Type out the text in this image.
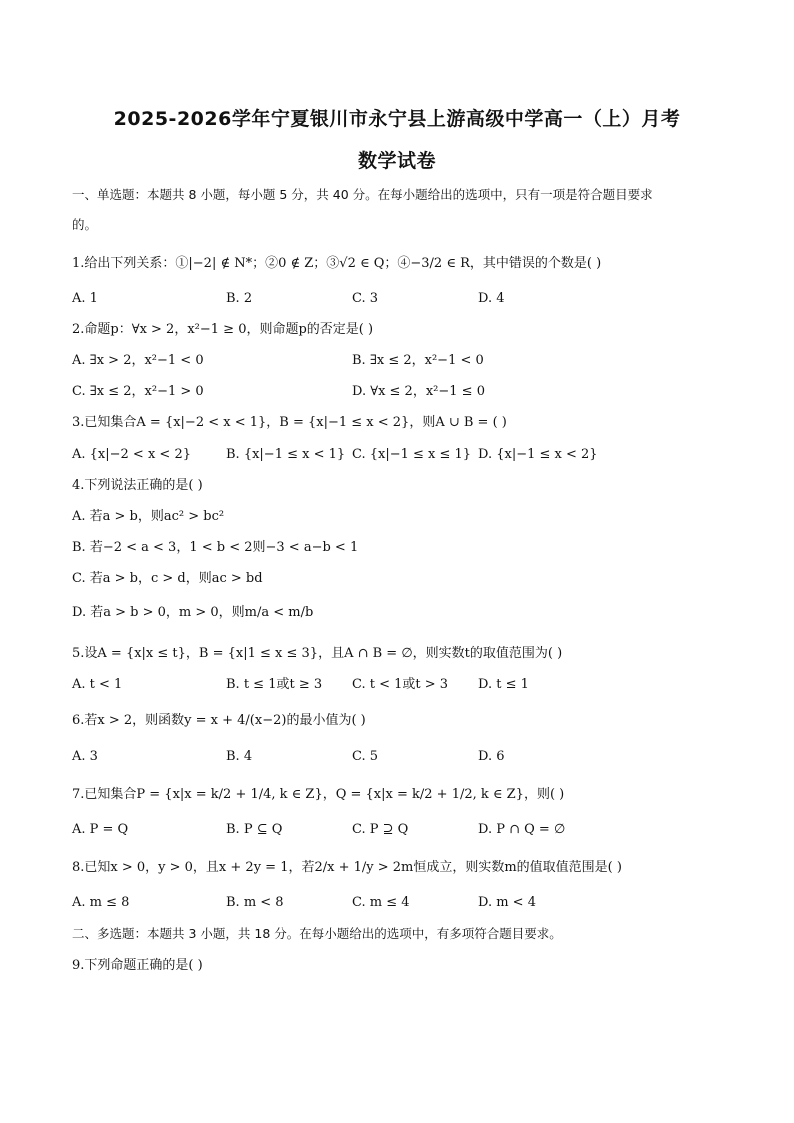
2025-2026学年宁夏银川市永宁县上游高级中学高一（上）月考
数学试卷
一、单选题：本题共 8 小题，每小题 5 分，共 40 分。在每小题给出的选项中，只有一项是符合题目要求
的。
1.给出下列关系：①|−2| ∉ N*；②0 ∉ Z；③√2 ∈ Q；④−3/2 ∈ R，其中错误的个数是( )
A. 1	B. 2	C. 3	D. 4
2.命题p：∀x > 2，x²−1 ≥ 0，则命题p的否定是( )
A. ∃x > 2，x²−1 < 0	B. ∃x ≤ 2，x²−1 < 0
C. ∃x ≤ 2，x²−1 > 0	D. ∀x ≤ 2，x²−1 ≤ 0
3.已知集合A = {x|−2 < x < 1}，B = {x|−1 ≤ x < 2}，则A ∪ B = ( )
A. {x|−2 < x < 2}	B. {x|−1 ≤ x < 1} C. {x|−1 ≤ x ≤ 1} D. {x|−1 ≤ x < 2}
4.下列说法正确的是( )
A. 若a > b，则ac² > bc²
B. 若−2 < a < 3，1 < b < 2则−3 < a−b < 1
C. 若a > b，c > d，则ac > bd
D. 若a > b > 0，m > 0，则m/a < m/b
5.设A = {x|x ≤ t}，B = {x|1 ≤ x ≤ 3}，且A ∩ B = ∅，则实数t的取值范围为( )
A. t < 1	B. t ≤ 1或t ≥ 3 C. t < 1或t > 3 D. t ≤ 1
6.若x > 2，则函数y = x + 4/(x−2)的最小值为( )
A. 3	B. 4	C. 5	D. 6
7.已知集合P = {x|x = k/2 + 1/4, k ∈ Z}，Q = {x|x = k/2 + 1/2, k ∈ Z}，则( )
A. P = Q	B. P ⊆ Q	C. P ⊇ Q	D. P ∩ Q = ∅
8.已知x > 0，y > 0，且x + 2y = 1，若2/x + 1/y > 2m恒成立，则实数m的值取值范围是( )
A. m ≤ 8	B. m < 8	C. m ≤ 4	D. m < 4
二、多选题：本题共 3 小题，共 18 分。在每小题给出的选项中，有多项符合题目要求。
9.下列命题正确的是( )
